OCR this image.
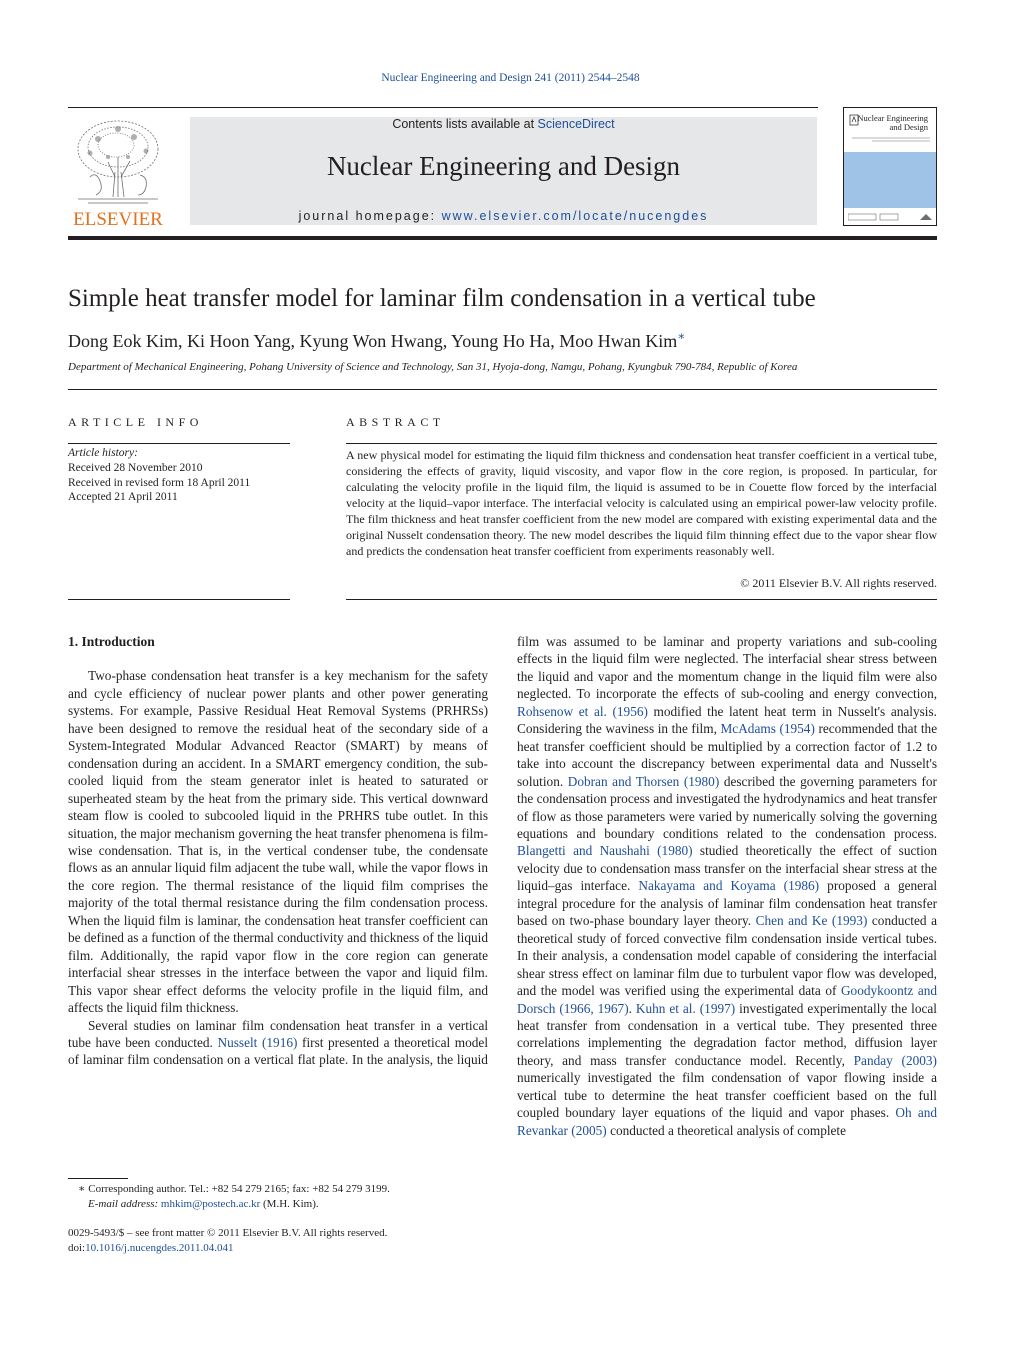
Nuclear Engineering and Design 241 (2011) 2544–2548
ELSEVIER
Contents lists available at ScienceDirect
Nuclear Engineering and Design
journal homepage: www.elsevier.com/locate/nucengdes
Nuclear Engineering
and Design
Simple heat transfer model for laminar film condensation in a vertical tube
Dong Eok Kim, Ki Hoon Yang, Kyung Won Hwang, Young Ho Ha, Moo Hwan Kim∗
Department of Mechanical Engineering, Pohang University of Science and Technology, San 31, Hyoja-dong, Namgu, Pohang, Kyungbuk 790-784, Republic of Korea
ARTICLE INFO
Article history:
Received 28 November 2010
Received in revised form 18 April 2011
Accepted 21 April 2011
ABSTRACT
A new physical model for estimating the liquid film thickness and condensation heat transfer coefficient in a vertical tube, considering the effects of gravity, liquid viscosity, and vapor flow in the core region, is proposed. In particular, for calculating the velocity profile in the liquid film, the liquid is assumed to be in Couette flow forced by the interfacial velocity at the liquid–vapor interface. The interfacial velocity is calculated using an empirical power-law velocity profile. The film thickness and heat transfer coefficient from the new model are compared with existing experimental data and the original Nusselt condensation theory. The new model describes the liquid film thinning effect due to the vapor shear flow and predicts the condensation heat transfer coefficient from experiments reasonably well.
© 2011 Elsevier B.V. All rights reserved.
1. Introduction

Two-phase condensation heat transfer is a key mechanism for the safety and cycle efficiency of nuclear power plants and other power generating systems. For example, Passive Residual Heat Removal Systems (PRHRSs) have been designed to remove the residual heat of the secondary side of a System-Integrated Modular Advanced Reactor (SMART) by means of condensation during an accident. In a SMART emergency condition, the sub-cooled liquid from the steam generator inlet is heated to saturated or superheated steam by the heat from the primary side. This vertical downward steam flow is cooled to subcooled liquid in the PRHRS tube outlet. In this situation, the major mechanism governing the heat transfer phenomena is film-wise condensation. That is, in the vertical condenser tube, the condensate flows as an annular liquid film adjacent the tube wall, while the vapor flows in the core region. The thermal resistance of the liquid film comprises the majority of the total thermal resistance during the film condensation process. When the liquid film is laminar, the condensation heat transfer coefficient can be defined as a function of the thermal conductivity and thickness of the liquid film. Additionally, the rapid vapor flow in the core region can generate interfacial shear stresses in the interface between the vapor and liquid film. This vapor shear effect deforms the velocity profile in the liquid film, and affects the liquid film thickness.

Several studies on laminar film condensation heat transfer in a vertical tube have been conducted. Nusselt (1916) first presented a theoretical model of laminar film condensation on a vertical flat plate. In the analysis, the liquid

film was assumed to be laminar and property variations and sub-cooling effects in the liquid film were neglected. The interfacial shear stress between the liquid and vapor and the momentum change in the liquid film were also neglected. To incorporate the effects of sub-cooling and energy convection, Rohsenow et al. (1956) modified the latent heat term in Nusselt's analysis. Considering the waviness in the film, McAdams (1954) recommended that the heat transfer coefficient should be multiplied by a correction factor of 1.2 to take into account the discrepancy between experimental data and Nusselt's solution. Dobran and Thorsen (1980) described the governing parameters for the condensation process and investigated the hydrodynamics and heat transfer of flow as those parameters were varied by numerically solving the governing equations and boundary conditions related to the condensation process. Blangetti and Naushahi (1980) studied theoretically the effect of suction velocity due to condensation mass transfer on the interfacial shear stress at the liquid–gas interface. Nakayama and Koyama (1986) proposed a general integral procedure for the analysis of laminar film condensation heat transfer based on two-phase boundary layer theory. Chen and Ke (1993) conducted a theoretical study of forced convective film condensation inside vertical tubes. In their analysis, a condensation model capable of considering the interfacial shear stress effect on laminar film due to turbulent vapor flow was developed, and the model was verified using the experimental data of Goodykoontz and Dorsch (1966, 1967). Kuhn et al. (1997) investigated experimentally the local heat transfer from condensation in a vertical tube. They presented three correlations implementing the degradation factor method, diffusion layer theory, and mass transfer conductance model. Recently, Panday (2003) numerically investigated the film condensation of vapor flowing inside a vertical tube to determine the heat transfer coefficient based on the full coupled boundary layer equations of the liquid and vapor phases. Oh and Revankar (2005) conducted a theoretical analysis of complete

∗ Corresponding author. Tel.: +82 54 279 2165; fax: +82 54 279 3199.
E-mail address: mhkim@postech.ac.kr (M.H. Kim).
0029-5493/$ – see front matter © 2011 Elsevier B.V. All rights reserved.
doi:10.1016/j.nucengdes.2011.04.041
